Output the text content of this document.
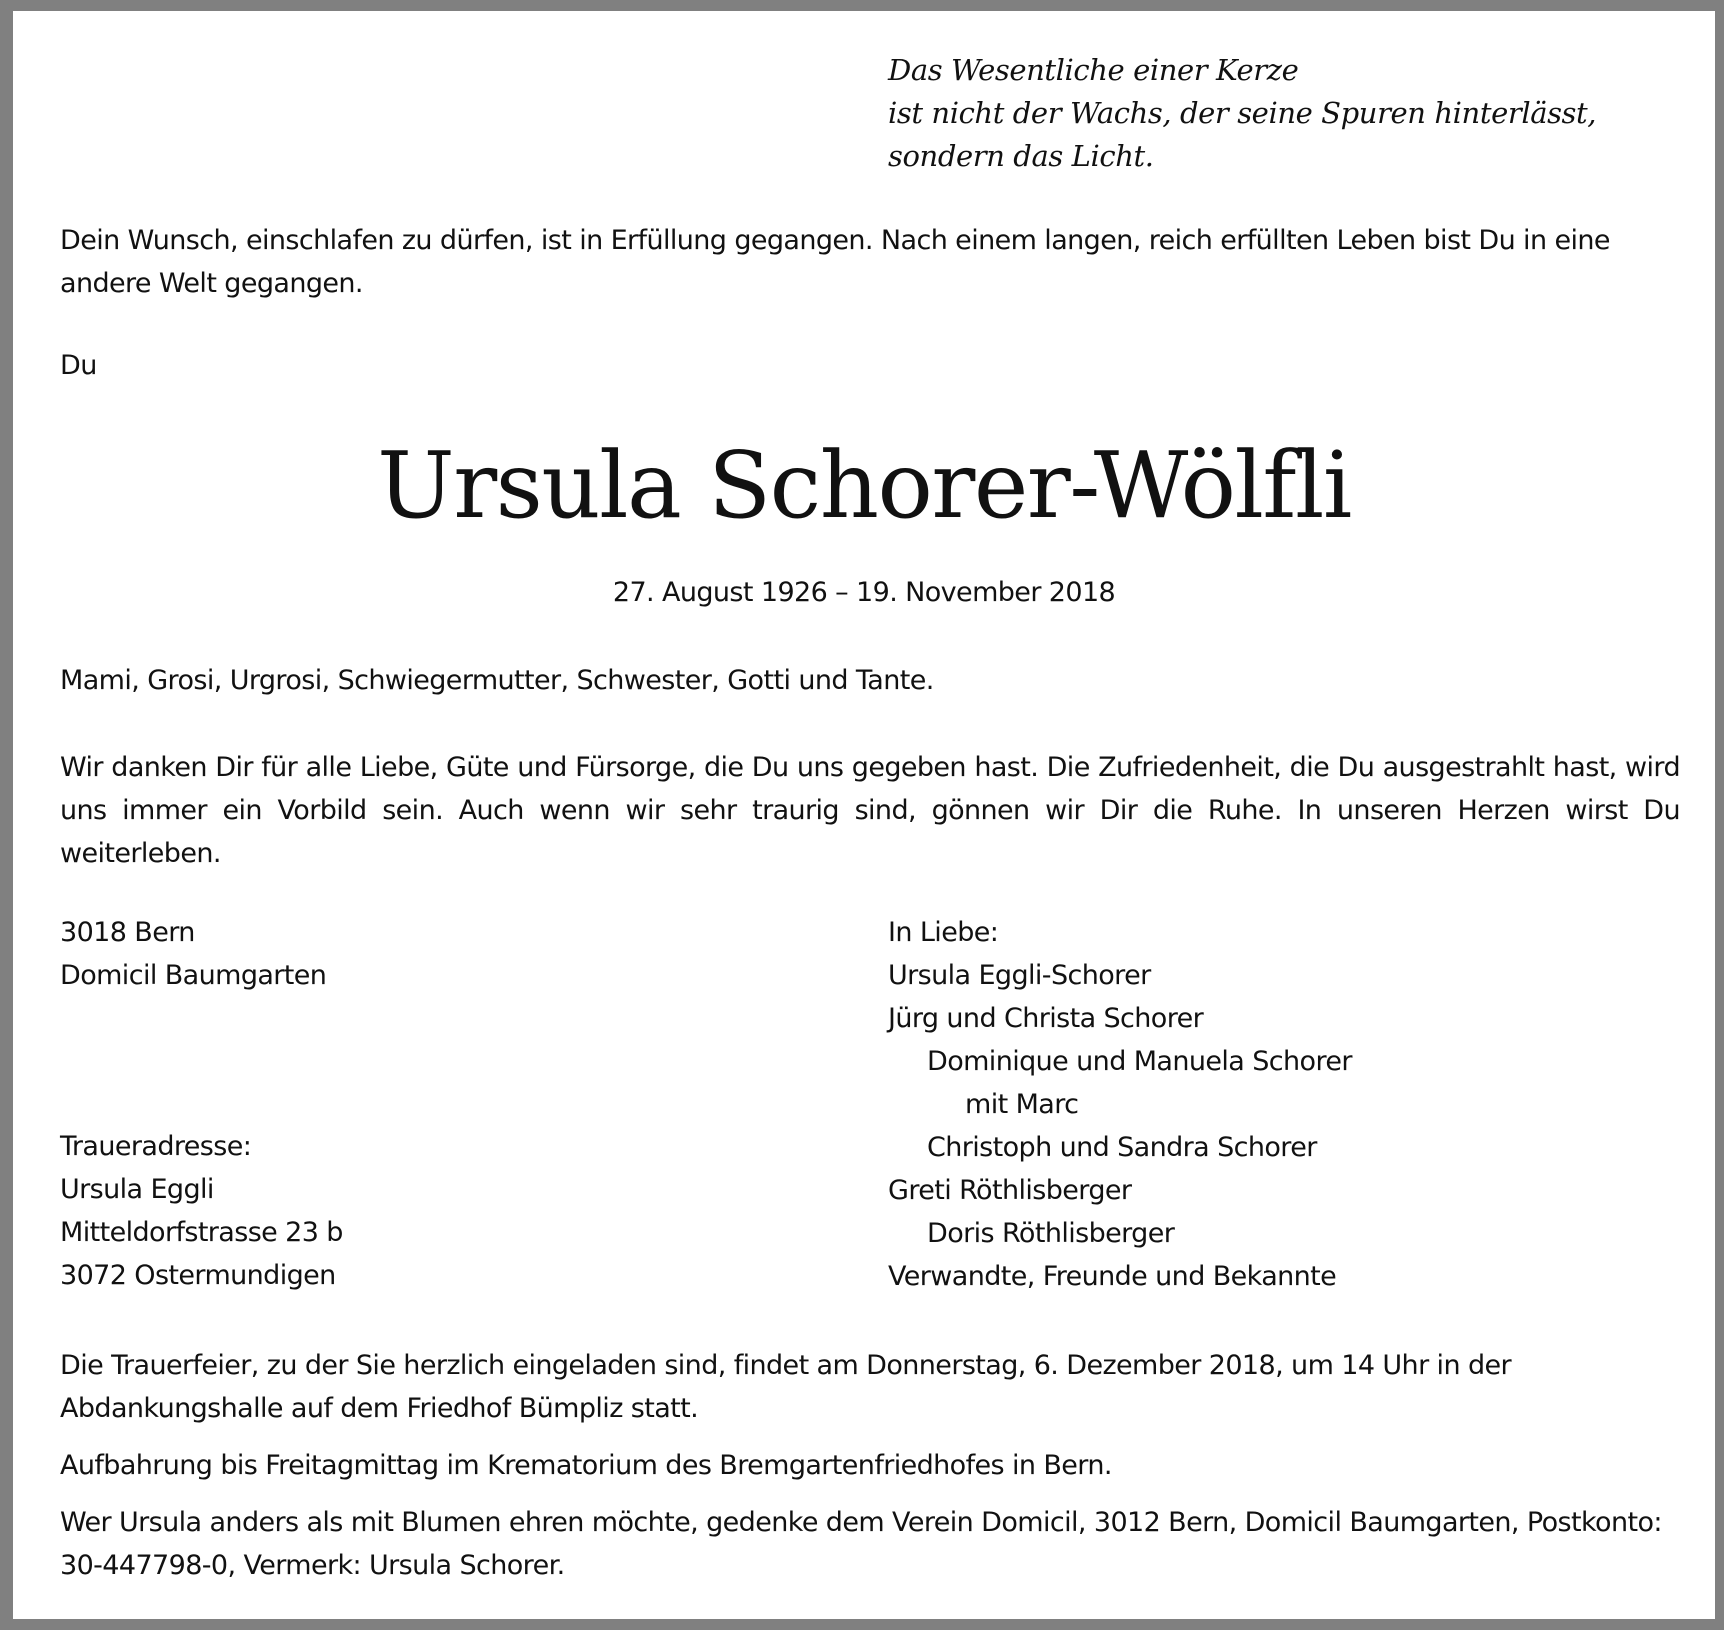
Das Wesentliche einer Kerze
ist nicht der Wachs, der seine Spuren hinterlässt,
sondern das Licht.
Dein Wunsch, einschlafen zu dürfen, ist in Erfüllung gegangen. Nach einem langen, reich erfüllten Leben bist Du in eine andere Welt gegangen.
Du
Ursula Schorer-Wölfli
27. August 1926 – 19. November 2018
Mami, Grosi, Urgrosi, Schwiegermutter, Schwester, Gotti und Tante.
Wir danken Dir für alle Liebe, Güte und Fürsorge, die Du uns gegeben hast. Die Zufriedenheit, die Du ausgestrahlt hast, wird uns immer ein Vorbild sein. Auch wenn wir sehr traurig sind, gönnen wir Dir die Ruhe. In unseren Herzen wirst Du weiterleben.
3018 Bern
Domicil Baumgarten
Traueradresse:
Ursula Eggli
Mitteldorfstrasse 23 b
3072 Ostermundigen
In Liebe:
Ursula Eggli-Schorer
Jürg und Christa Schorer
Dominique und Manuela Schorer
mit Marc
Christoph und Sandra Schorer
Greti Röthlisberger
Doris Röthlisberger
Verwandte, Freunde und Bekannte
Die Trauerfeier, zu der Sie herzlich eingeladen sind, findet am Donnerstag, 6. Dezember 2018, um 14 Uhr in der Abdankungshalle auf dem Friedhof Bümpliz statt.
Aufbahrung bis Freitagmittag im Krematorium des Bremgartenfriedhofes in Bern.
Wer Ursula anders als mit Blumen ehren möchte, gedenke dem Verein Domicil, 3012 Bern, Domicil Baumgarten, Postkonto: 30-447798-0, Vermerk: Ursula Schorer.
